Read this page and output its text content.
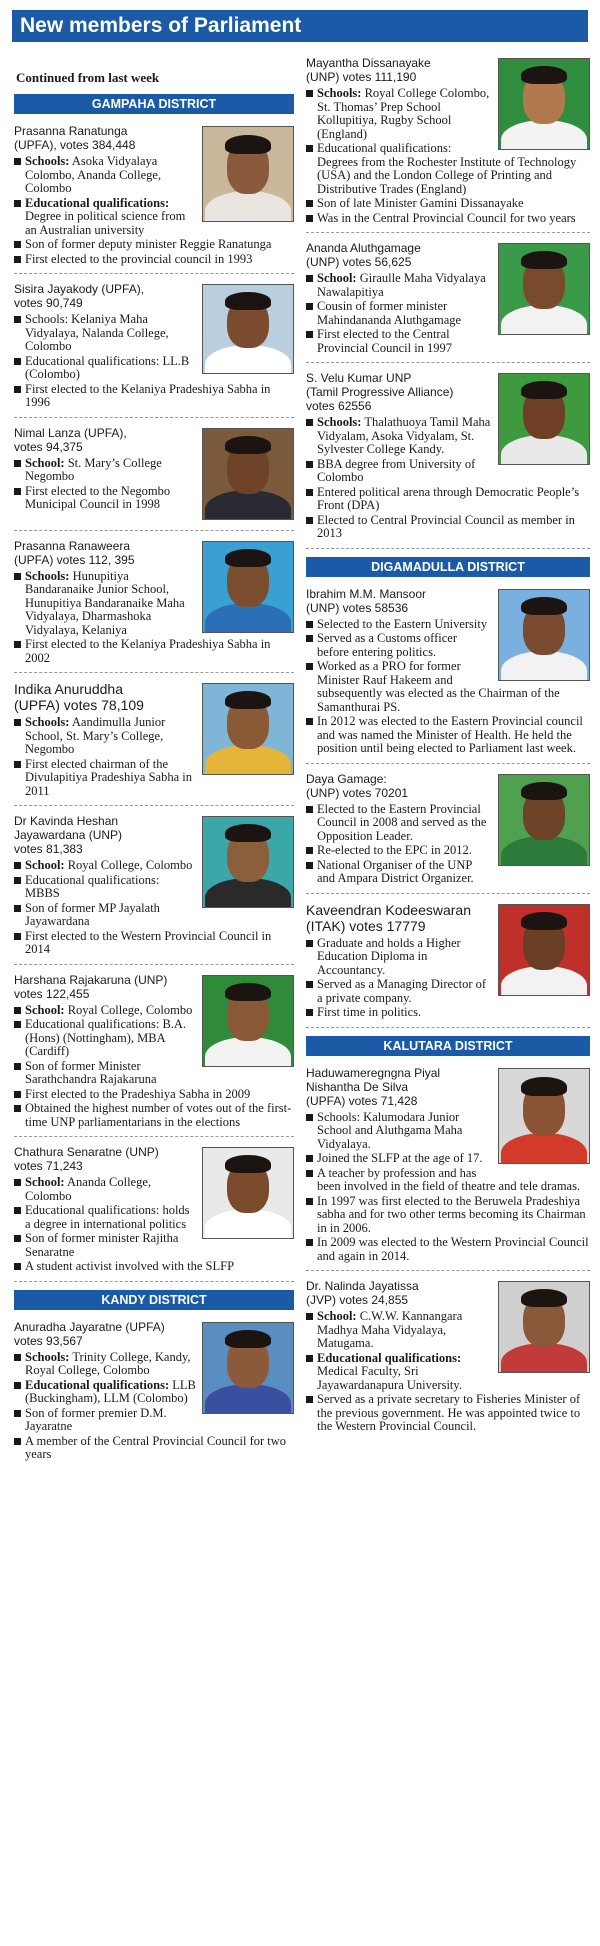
New members of Parliament
Continued from last week
GAMPAHA DISTRICT
Prasanna Ranatunga
(UPFA), votes 384,448
Schools: Asoka Vidyalaya Colombo, Ananda College, Colombo
Educational qualifications: Degree in political science from an Australian university
Son of former deputy minister Reggie Ranatunga
First elected to the provincial council in 1993
Sisira Jayakody (UPFA),
votes 90,749
Schools: Kelaniya Maha Vidyalaya, Nalanda College, Colombo
Educational qualifications: LL.B (Colombo)
First elected to the Kelaniya Pradeshiya Sabha in 1996
Nimal Lanza (UPFA),
votes 94,375
School: St. Mary’s College Negombo
First elected to the Negombo Municipal Council in 1998
Prasanna Ranaweera
(UPFA) votes 112, 395
Schools: Hunupitiya Bandaranaike Junior School, Hunupitiya Bandaranaike Maha Vidyalaya, Dharmashoka Vidyalaya, Kelaniya
First elected to the Kelaniya Pradeshiya Sabha in 2002
Indika Anuruddha
(UPFA) votes 78,109
Schools: Aandimulla Junior School, St. Mary’s College, Negombo
First elected chairman of the Divulapitiya Pradeshiya Sabha in 2011
Dr Kavinda Heshan
Jayawardana (UNP)
votes 81,383
School: Royal College, Colombo
Educational qualifications: MBBS
Son of former MP Jayalath Jayawardana
First elected to the Western Provincial Council in 2014
Harshana Rajakaruna (UNP)
votes 122,455
School: Royal College, Colombo
Educational qualifications: B.A. (Hons) (Nottingham), MBA (Cardiff)
Son of former Minister Sarathchandra Rajakaruna
First elected to the Pradeshiya Sabha in 2009
Obtained the highest number of votes out of the first-time UNP parliamentarians in the elections
Chathura Senaratne (UNP)
votes 71,243
School: Ananda College, Colombo
Educational qualifications: holds a degree in international politics
Son of former minister Rajitha Senaratne
A student activist involved with the SLFP
KANDY DISTRICT
Anuradha Jayaratne (UPFA)
votes 93,567
Schools: Trinity College, Kandy, Royal College, Colombo
Educational qualifications: LLB (Buckingham), LLM (Colombo)
Son of former premier D.M. Jayaratne
A member of the Central Provincial Council for two years
Mayantha Dissanayake
(UNP) votes 111,190
Schools: Royal College Colombo, St. Thomas’ Prep School Kollupitiya, Rugby School (England)
Educational qualifications: Degrees from the Rochester Institute of Technology (USA) and the London College of Printing and Distributive Trades (England)
Son of late Minister Gamini Dissanayake
Was in the Central Provincial Council for two years
Ananda Aluthgamage
(UNP) votes 56,625
School: Giraulle Maha Vidyalaya Nawalapitiya
Cousin of former minister Mahindananda Aluthgamage
First elected to the Central Provincial Council in 1997
S. Velu Kumar UNP
(Tamil Progressive Alliance)
votes 62556
Schools: Thalathuoya Tamil Maha Vidyalam, Asoka Vidyalam, St. Sylvester College Kandy.
BBA degree from University of Colombo
Entered political arena through Democratic People’s Front (DPA)
Elected to Central Provincial Council as member in 2013
DIGAMADULLA DISTRICT
Ibrahim M.M. Mansoor
(UNP) votes 58536
Selected to the Eastern University
Served as a Customs officer before entering politics.
Worked as a PRO for former Minister Rauf Hakeem and subsequently was elected as the Chairman of the Samanthurai PS.
In 2012 was elected to the Eastern Provincial council and was named the Minister of Health. He held the position until being elected to Parliament last week.
Daya Gamage:
(UNP) votes 70201
Elected to the Eastern Provincial Council in 2008 and served as the Opposition Leader.
Re-elected to the EPC in 2012.
National Organiser of the UNP and Ampara District Organizer.
Kaveendran Kodeeswaran
(ITAK) votes 17779
Graduate and holds a Higher Education Diploma in Accountancy.
Served as a Managing Director of a private company.
First time in politics.
KALUTARA DISTRICT
Haduwameregngna Piyal
Nishantha De Silva
(UPFA) votes 71,428
Schools: Kalumodara Junior School and Aluthgama Maha Vidyalaya.
Joined the SLFP at the age of 17.
A teacher by profession and has been involved in the field of theatre and tele dramas.
In 1997 was first elected to the Beruwela Pradeshiya sabha and for two other terms becoming its Chairman in in 2006.
In 2009 was elected to the Western Provincial Council and again in 2014.
Dr. Nalinda Jayatissa
(JVP) votes 24,855
School: C.W.W. Kannangara Madhya Maha Vidyalaya, Matugama.
Educational qualifications: Medical Faculty, Sri Jayawardanapura University.
Served as a private secretary to Fisheries Minister of the previous government. He was appointed twice to the Western Provincial Council.
